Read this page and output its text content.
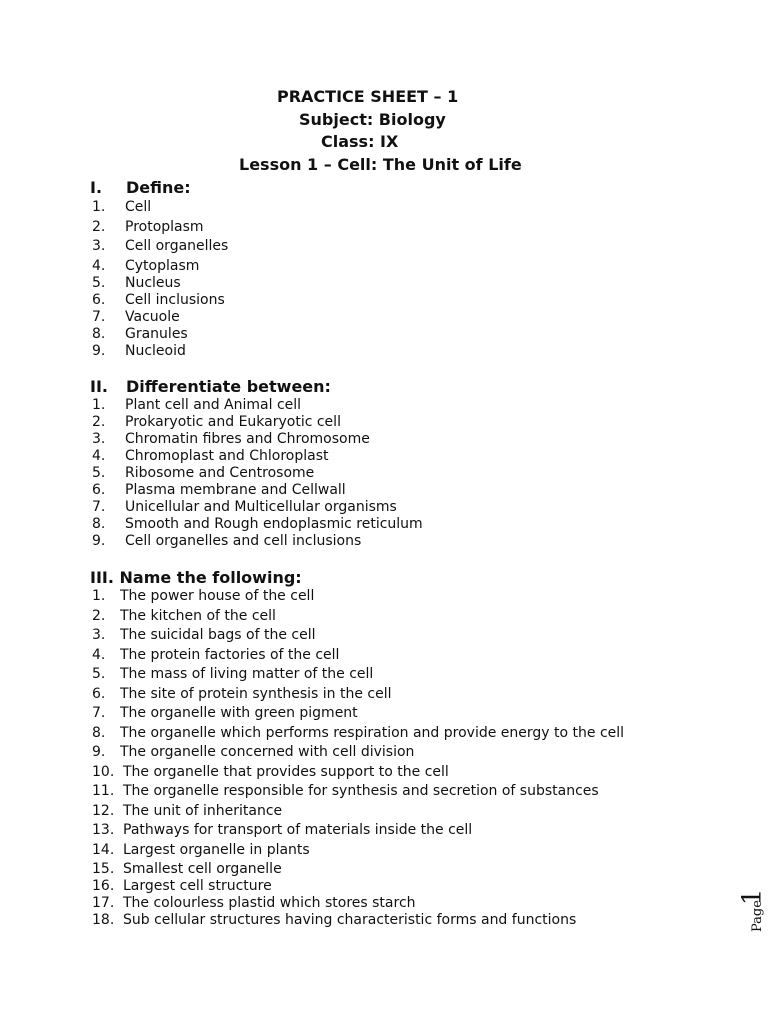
PRACTICE SHEET – 1
Subject: Biology
Class: IX
Lesson 1 – Cell: The Unit of Life
I. Define:
1. Cell
2. Protoplasm
3. Cell organelles
4. Cytoplasm
5. Nucleus
6. Cell inclusions
7. Vacuole
8. Granules
9. Nucleoid
II. Differentiate between:
1. Plant cell and Animal cell
2. Prokaryotic and Eukaryotic cell
3. Chromatin fibres and Chromosome
4. Chromoplast and Chloroplast
5. Ribosome and Centrosome
6. Plasma membrane and Cellwall
7. Unicellular and Multicellular organisms
8. Smooth and Rough endoplasmic reticulum
9. Cell organelles and cell inclusions
III. Name the following:
1. The power house of the cell
2. The kitchen of the cell
3. The suicidal bags of the cell
4. The protein factories of the cell
5. The mass of living matter of the cell
6. The site of protein synthesis in the cell
7. The organelle with green pigment
8. The organelle which performs respiration and provide energy to the cell
9. The organelle concerned with cell division
10. The organelle that provides support to the cell
11. The organelle responsible for synthesis and secretion of substances
12. The unit of inheritance
13. Pathways for transport of materials inside the cell
14. Largest organelle in plants
15. Smallest cell organelle
16. Largest cell structure
17. The colourless plastid which stores starch
18. Sub cellular structures having characteristic forms and functions	Page
1
